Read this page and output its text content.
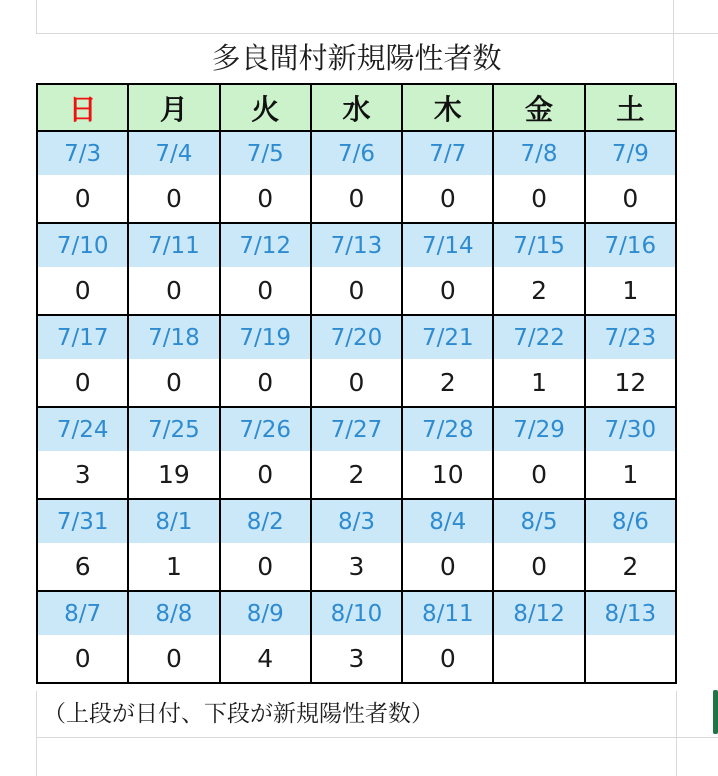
多良間村新規陽性者数
日	月	火	水	木	金	土
7/3	7/4	7/5	7/6	7/7	7/8	7/9
0	0	0	0	0	0	0
7/10	7/11	7/12	7/13	7/14	7/15	7/16
0	0	0	0	0	2	1
7/17	7/18	7/19	7/20	7/21	7/22	7/23
0	0	0	0	2	1	12
7/24	7/25	7/26	7/27	7/28	7/29	7/30
3	19	0	2	10	0	1
7/31	8/1	8/2	8/3	8/4	8/5	8/6
6	1	0	3	0	0	2
8/7	8/8	8/9	8/10	8/11	8/12	8/13
0	0	4	3	0		
（上段が日付、下段が新規陽性者数）
